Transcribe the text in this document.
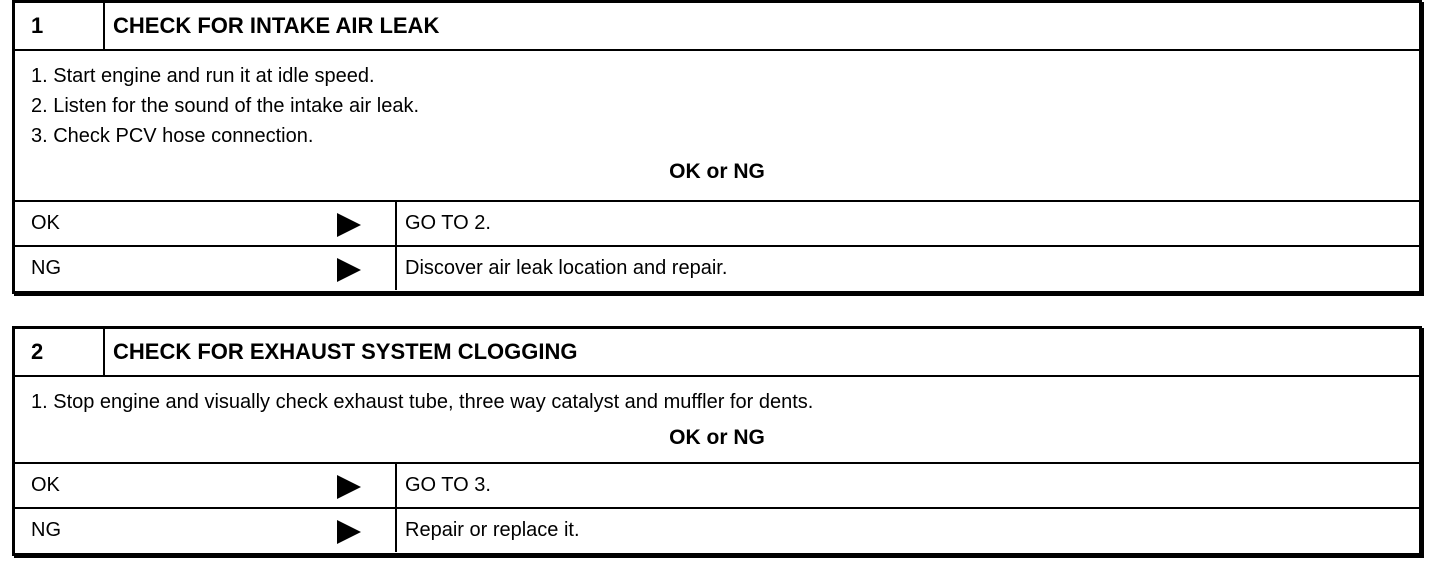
1	CHECK FOR INTAKE AIR LEAK
1. Start engine and run it at idle speed.
2. Listen for the sound of the intake air leak.
3. Check PCV hose connection.
OK or NG
OK	GO TO 2.
NG	Discover air leak location and repair.
2	CHECK FOR EXHAUST SYSTEM CLOGGING
1. Stop engine and visually check exhaust tube, three way catalyst and muffler for dents.
OK or NG
OK	GO TO 3.
NG	Repair or replace it.
